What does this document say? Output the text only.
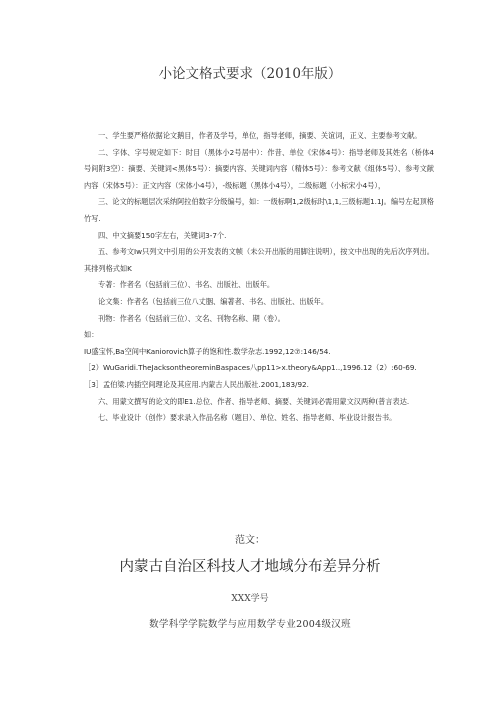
小论文格式要求（2010年版）

一、学生要严格依据论文鹅目，作者及学号，单位，指导老师，摘要、关谊词，正义、主要参考文献。

二、字体、字号规定如下：时目（黑体小2号居中）：作昔、单位《宋体4号》：指导老师及其姓名（桥体4号间附3空）：摘要、关键词<黑体5号）：摘要内容、关键词内容（精体5号）：参考文献《组体5号）、参考文献内容（宋体5号）：正文内容（宋体小4号），-级标题（黑体小4号），二级标题（小标宋小4号），

三、论文的标题层次采纳阿拉伯数字分级编号，如：一级标啊1,2级标时\1,1,三级标题1.1J。编号左起顶格竹写.

四、中文摘要150字左右，关键词3-7个.

五、参考文Iw只列文中引用的公开发表的文帧（未公开出版的用脚注说明），按文中出现的先后次序列出。其排列格式如K

专著：作者名（包括前三位）、书名、出版社、出版年。

论文集：作者名（包括前三位八丈胭、编著者、书名、出版社、出版年。

刊物：作者名（包括前三位）、文名、刊物名称、期（卷）。

如：

IU盛宝怀,Ba空间中Kaniorovich算子的饱和性.数学杂志.1992,12⑦:146/54.

［2）WuGaridi.TheJacksontheoreminBaspaces八pp11>x.theory&App1..,1996.12（2）:60-69.

［3］孟伯梁.内插空间理论及其应用.内蒙古人民出版社.2001,183/92.

六、用蒙文撰写的论文的即E1.总位、作者、指导老师、摘要、关键词必需用蒙文汉两种(普言表达.

七、毕业设计（创作）要求录入作品名称（题目）、单位、姓名、指导老师、毕业设计报告书。

范文：
内蒙古自治区科技人才地域分布差异分析
XXX学号
数学科学学院数学与应用数学专业2004级汉班
